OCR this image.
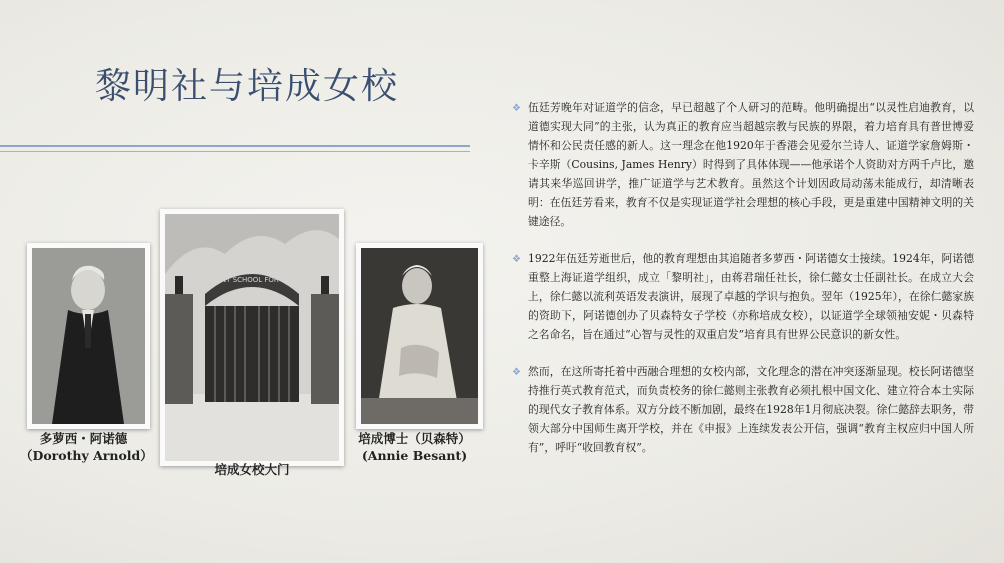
黎明社与培成女校
多萝西・阿诺德
（Dorothy Arnold）
BESANT SCHOOL FOR GIRLS
培成女校大门
培成博士（贝森特）
(Annie Besant)
❖ 伍廷芳晚年对证道学的信念，早已超越了个人研习的范畴。他明确提出“以灵性启迪教育，以道德实现大同”的主张，认为真正的教育应当超越宗教与民族的界限，着力培育具有普世博爱情怀和公民责任感的新人。这一理念在他1920年于香港会见爱尔兰诗人、证道学家詹姆斯・卡辛斯（Cousins, James Henry）时得到了具体体现——他承诺个人资助对方两千卢比，邀请其来华巡回讲学，推广证道学与艺术教育。虽然这个计划因政局动荡未能成行，却清晰表明：在伍廷芳看来，教育不仅是实现证道学社会理想的核心手段，更是重建中国精神文明的关键途径。
❖ 1922年伍廷芳逝世后，他的教育理想由其追随者多萝西・阿诺德女士接续。1924年，阿诺德重整上海证道学组织，成立「黎明社」，由蒋君瑞任社长，徐仁懿女士任副社长。在成立大会上，徐仁懿以流利英语发表演讲，展现了卓越的学识与抱负。翌年（1925年），在徐仁懿家族的资助下，阿诺德创办了贝森特女子学校（亦称培成女校），以证道学全球领袖安妮・贝森特之名命名，旨在通过“心智与灵性的双重启发”培育具有世界公民意识的新女性。
❖ 然而，在这所寄托着中西融合理想的女校内部，文化理念的潜在冲突逐渐显现。校长阿诺德坚持推行英式教育范式，而负责校务的徐仁懿则主张教育必须扎根中国文化、建立符合本土实际的现代女子教育体系。双方分歧不断加剧，最终在1928年1月彻底决裂。徐仁懿辞去职务，带领大部分中国师生离开学校，并在《申报》上连续发表公开信，强调“教育主权应归中国人所有”，呼吁“收回教育权”。
